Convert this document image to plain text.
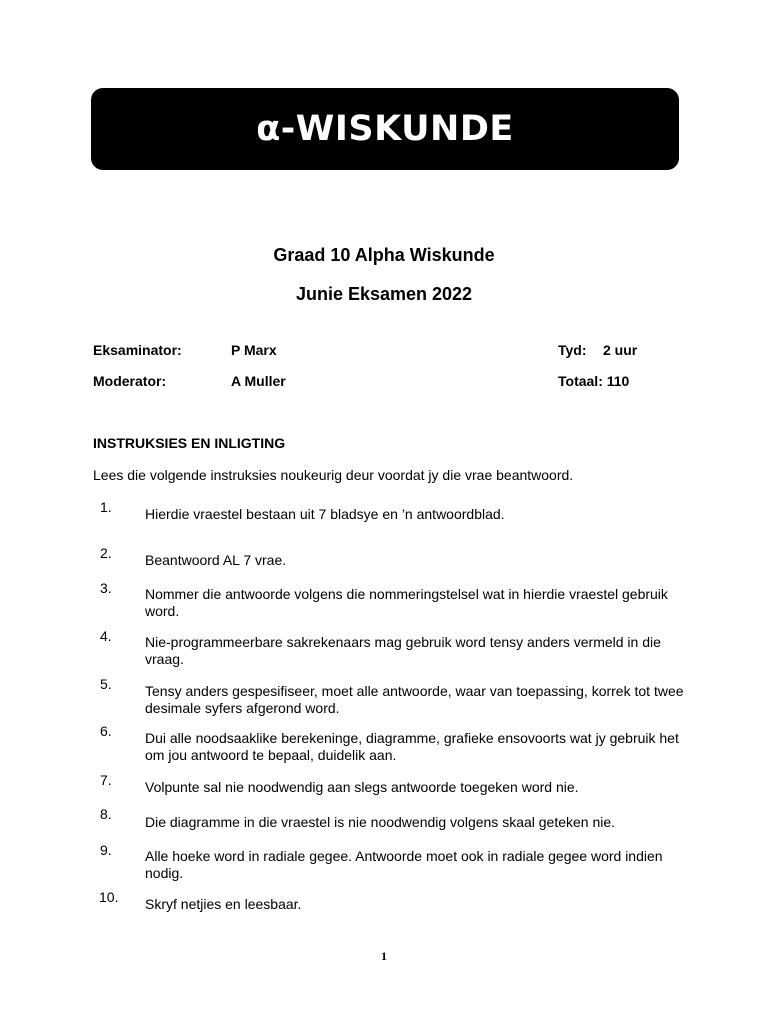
α-WISKUNDE
Graad 10 Alpha Wiskunde
Junie Eksamen 2022
Eksaminator:	P Marx	Tyd: 2 uur
Moderator:	A Muller	Totaal: 110
INSTRUKSIES EN INLIGTING
Lees die volgende instruksies noukeurig deur voordat jy die vrae beantwoord.
1. Hierdie vraestel bestaan uit 7 bladsye en ’n antwoordblad.
2. Beantwoord AL 7 vrae.
3. Nommer die antwoorde volgens die nommeringstelsel wat in hierdie vraestel gebruik word.
4. Nie-programmeerbare sakrekenaars mag gebruik word tensy anders vermeld in die vraag.
5. Tensy anders gespesifiseer, moet alle antwoorde, waar van toepassing, korrek tot twee desimale syfers afgerond word.
6. Dui alle noodsaaklike berekeninge, diagramme, grafieke ensovoorts wat jy gebruik het om jou antwoord te bepaal, duidelik aan.
7. Volpunte sal nie noodwendig aan slegs antwoorde toegeken word nie.
8. Die diagramme in die vraestel is nie noodwendig volgens skaal geteken nie.
9. Alle hoeke word in radiale gegee. Antwoorde moet ook in radiale gegee word indien nodig.
10. Skryf netjies en leesbaar.
1
